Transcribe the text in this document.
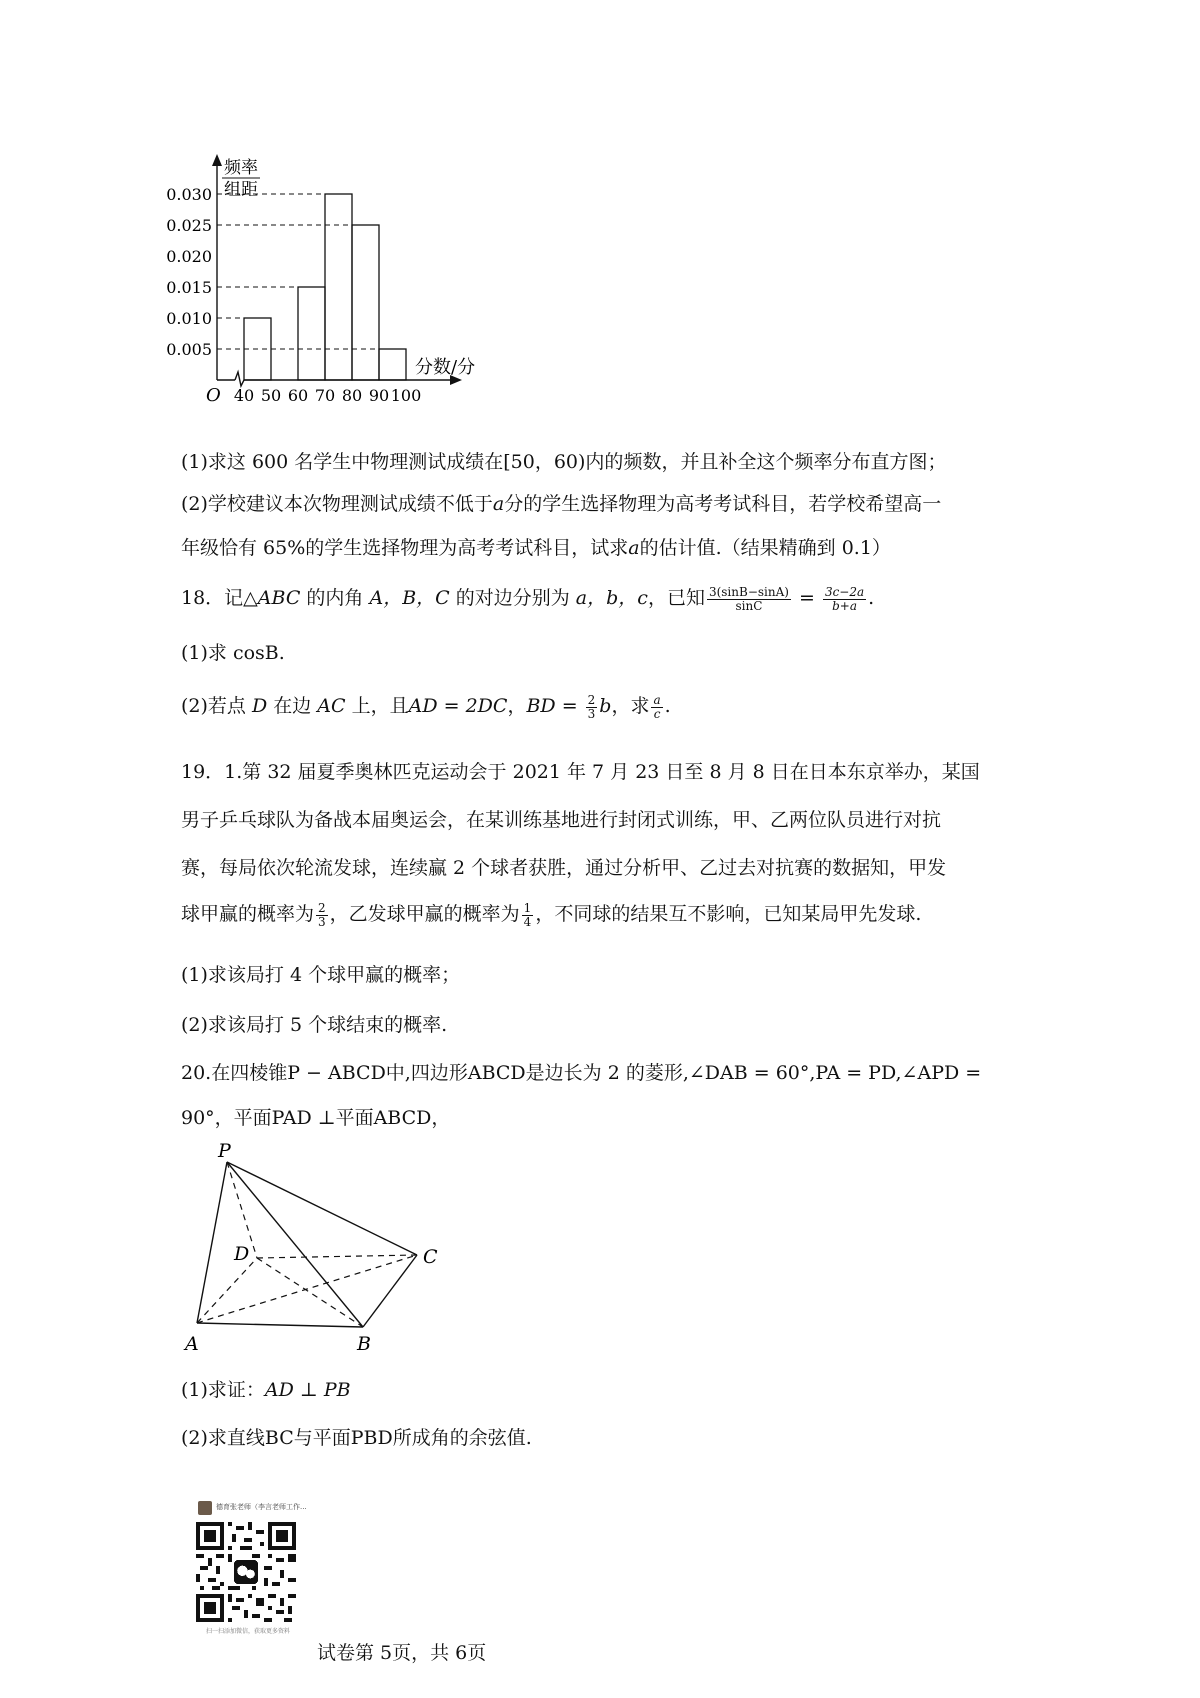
频率
组距
0.030
0.025
0.020
0.015
0.010
0.005
40 50 60 70 80 90 100
O
分数/分
(1)求这 600 名学生中物理测试成绩在[50，60)内的频数，并且补全这个频率分布直方图；
(2)学校建议本次物理测试成绩不低于a分的学生选择物理为高考考试科目，若学校希望高一
年级恰有 65%的学生选择物理为高考考试科目，试求a的估计值.（结果精确到 0.1）
18．记△ABC 的内角 A，B，C 的对边分别为 a，b，c，已知 $\frac{3(\sin B-\sin A)}{\sin C} = \frac{3c-2a}{b+a}$ .
(1)求 cosB.
(2)若点 D 在边 AC 上，且AD = 2DC，BD = $\frac{2}{3}$ b，求 $\frac{a}{c}$ .
19．1.第 32 届夏季奥林匹克运动会于 2021 年 7 月 23 日至 8 月 8 日在日本东京举办，某国
男子乒乓球队为备战本届奥运会，在某训练基地进行封闭式训练，甲、乙两位队员进行对抗
赛，每局依次轮流发球，连续赢 2 个球者获胜，通过分析甲、乙过去对抗赛的数据知，甲发
球甲赢的概率为 $\frac{2}{3}$ ，乙发球甲赢的概率为 $\frac{1}{4}$ ，不同球的结果互不影响，已知某局甲先发球.
(1)求该局打 4 个球甲赢的概率；
(2)求该局打 5 个球结束的概率.
20.在四棱锥P − ABCD中,四边形ABCD是边长为 2 的菱形,∠DAB = 60°,PA = PD,∠APD =
90°，平面PAD ⊥平面ABCD，
P
D	C
A	B
(1)求证：AD ⊥ PB
(2)求直线BC与平面PBD所成角的余弦值.
德育张老师（李言老师工作...
扫一扫添加微信，获取更多资料
试卷第 5页，共 6页
